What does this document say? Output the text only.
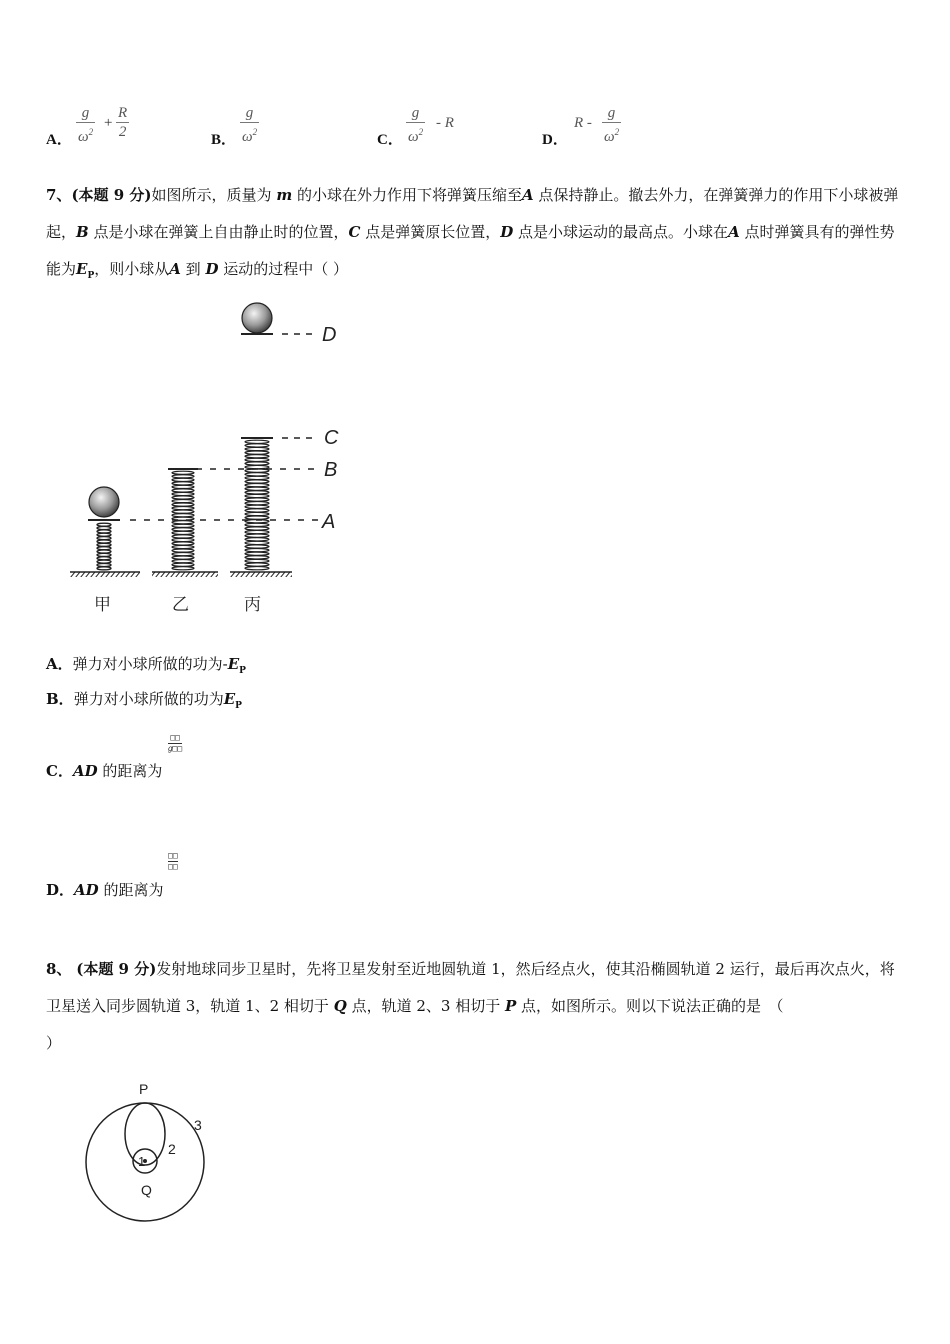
A． $\frac{g}{\omega^2} + \frac{R}{2}$	B． $\frac{g}{\omega^2}$	C． $\frac{g}{\omega^2}$ - R
D．
R - $\frac{g}{\omega^2}$
7、(本题 9 分)如图所示，质量为 m 的小球在外力作用下将弹簧压缩至A 点保持静止。撤去外力，在弹簧弹力的作用下小球被弹起，B 点是小球在弹簧上自由静止时的位置，C 点是弹簧原长位置，D 点是小球运动的最高点。小球在A 点时弹簧具有的弹性势能为$E_P$，则小球从A 到 D 运动的过程中（ ）
D
C
B
A
甲	乙	丙
A．弹力对小球所做的功为$-E_P$
B．弹力对小球所做的功为$E_P$
C．AD 的距离为
□□
𝑔□□
D．AD 的距离为
□□
□□
8、 (本题 9 分)发射地球同步卫星时，先将卫星发射至近地圆轨道 1，然后经点火，使其沿椭圆轨道 2 运行，最后再次点火，将卫星送入同步圆轨道 3，轨道 1、2 相切于 Q 点，轨道 2、3 相切于 P 点，如图所示。则以下说法正确的是　（
）
P
Q
1
2
3
